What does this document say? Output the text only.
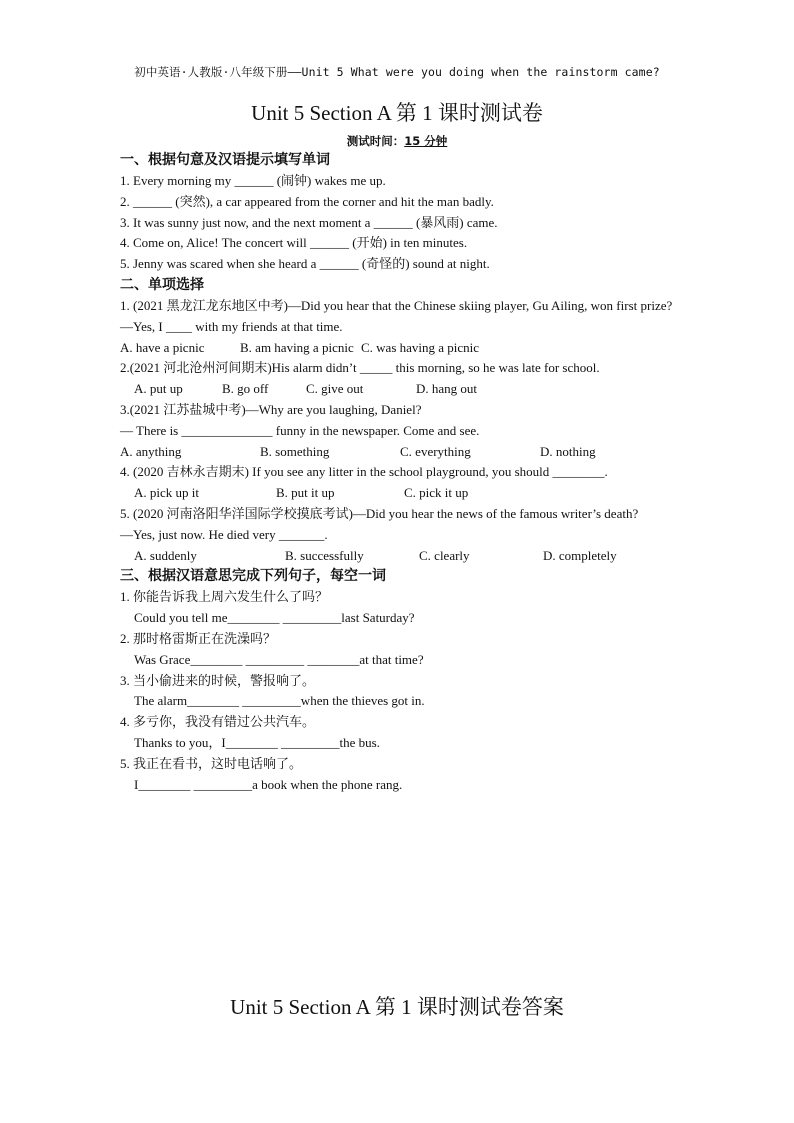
初中英语·人教版·八年级下册——Unit 5 What were you doing when the rainstorm came?
Unit 5 Section A 第 1 课时测试卷
测试时间：15 分钟
一、根据句意及汉语提示填写单词
1. Every morning my ______ (闹钟) wakes me up.
2. ______ (突然), a car appeared from the corner and hit the man badly.
3. It was sunny just now, and the next moment a ______ (暴风雨) came.
4. Come on, Alice! The concert will ______ (开始) in ten minutes.
5. Jenny was scared when she heard a ______ (奇怪的) sound at night.
二、单项选择
1. (2021 黑龙江龙东地区中考)—Did you hear that the Chinese skiing player, Gu Ailing, won first prize?
—Yes, I ____ with my friends at that time.
A. have a picnic	B. am having a picnic C. was having a picnic
2.(2021 河北沧州河间期末)His alarm didn’t _____ this morning, so he was late for school.
A. put up	B. go off	C. give out	D. hang out
3.(2021 江苏盐城中考)—Why are you laughing, Daniel?
— There is ______________ funny in the newspaper. Come and see.
A. anything	B. something	C. everything	D. nothing
4. (2020 吉林永吉期末) If you see any litter in the school playground, you should ________.
A. pick up it	B. put it up	C. pick it up
5. (2020 河南洛阳华洋国际学校摸底考试)—Did you hear the news of the famous writer’s death?
—Yes, just now. He died very _______.
A. suddenly	B. successfully	C. clearly	D. completely
三、根据汉语意思完成下列句子，每空一词
1. 你能告诉我上周六发生什么了吗？
Could you tell me________ _________last Saturday?
2. 那时格雷斯正在洗澡吗？
Was Grace________ _________ ________at that time?
3. 当小偷进来的时候，警报响了。
The alarm________ _________when the thieves got in.
4. 多亏你，我没有错过公共汽车。
Thanks to you，I________ _________the bus.
5. 我正在看书，这时电话响了。
I________ _________a book when the phone rang.
Unit 5 Section A 第 1 课时测试卷答案
